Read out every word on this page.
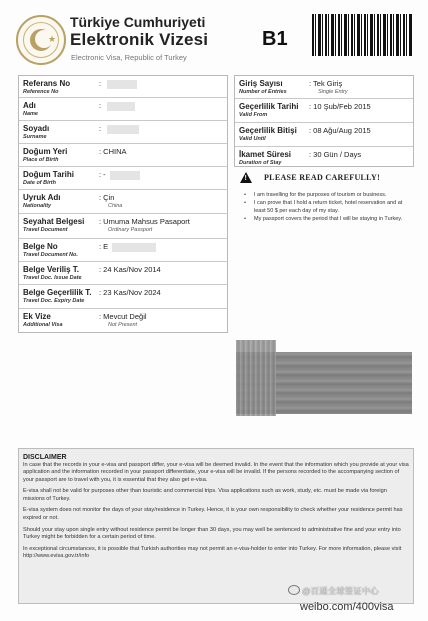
★
Türkiye Cumhuriyeti
Elektronik Vizesi
Electronic Visa, Republic of Turkey
B1
Referans No
Reference No
:
Adı
Name
:
Soyadı
Surname
:
Doğum Yeri
Place of Birth
: CHINA
Doğum Tarihi
Date of Birth
: -
Uyruk Adı
Nationality
: Çin
China
Seyahat Belgesi
Travel Document
: Umuma Mahsus Pasaport
Ordinary Passport
Belge No
Travel Document No.
: E
Belge Veriliş T.
Travel Doc. Issue Date
: 24 Kas/Nov 2014
Belge Geçerlilik T.
Travel Doc. Expiry Date
: 23 Kas/Nov 2024
Ek Vize
Additional Visa
: Mevcut Değil
Not Present
Giriş Sayısı
Number of Entries
: Tek Giriş
Single Entry
Geçerlilik Tarihi
Valid From
: 10 Şub/Feb 2015
Geçerlilik Bitişi
Valid Until
: 08 Ağu/Aug 2015
İkamet Süresi
Duration of Stay
: 30 Gün / Days
! PLEASE READ CAREFULLY!
• I am travelling for the purposes of tourism or business.
• I can prove that I hold a return ticket, hotel reservation and at least 50 $ per each day of my stay.
• My passport covers the period that I will be staying in Turkey.
DISCLAIMER

In case that the records in your e-visa and passport differ, your e-visa will be deemed invalid. In the event that the information which you provide at your visa application and the information recorded in your passport differentiate, your e-visa will be invalid. If the persons recorded to the accompanying section of your passport are to travel with you, it is essential that they also get e-visa.

E-visa shall not be valid for purposes other than touristic and commercial trips. Visa applications such as work, study, etc. must be made via foreign missions of Turkey.

E-visa system does not monitor the days of your stay/residence in Turkey. Hence, it is your own responsibility to check whether your residence permit has expired or not.

Should your stay upon single entry without residence permit be longer than 30 days, you may well be sentenced to administrative fine and your entry into Turkey might be forbidden for a certain period of time.

In exceptional circumstances, it is possible that Turkish authorities may not permit an e-visa-holder to enter into Turkey. For more information, please visit http://www.evisa.gov.tr/info

@百通全球签证中心
weibo.com/400visa
